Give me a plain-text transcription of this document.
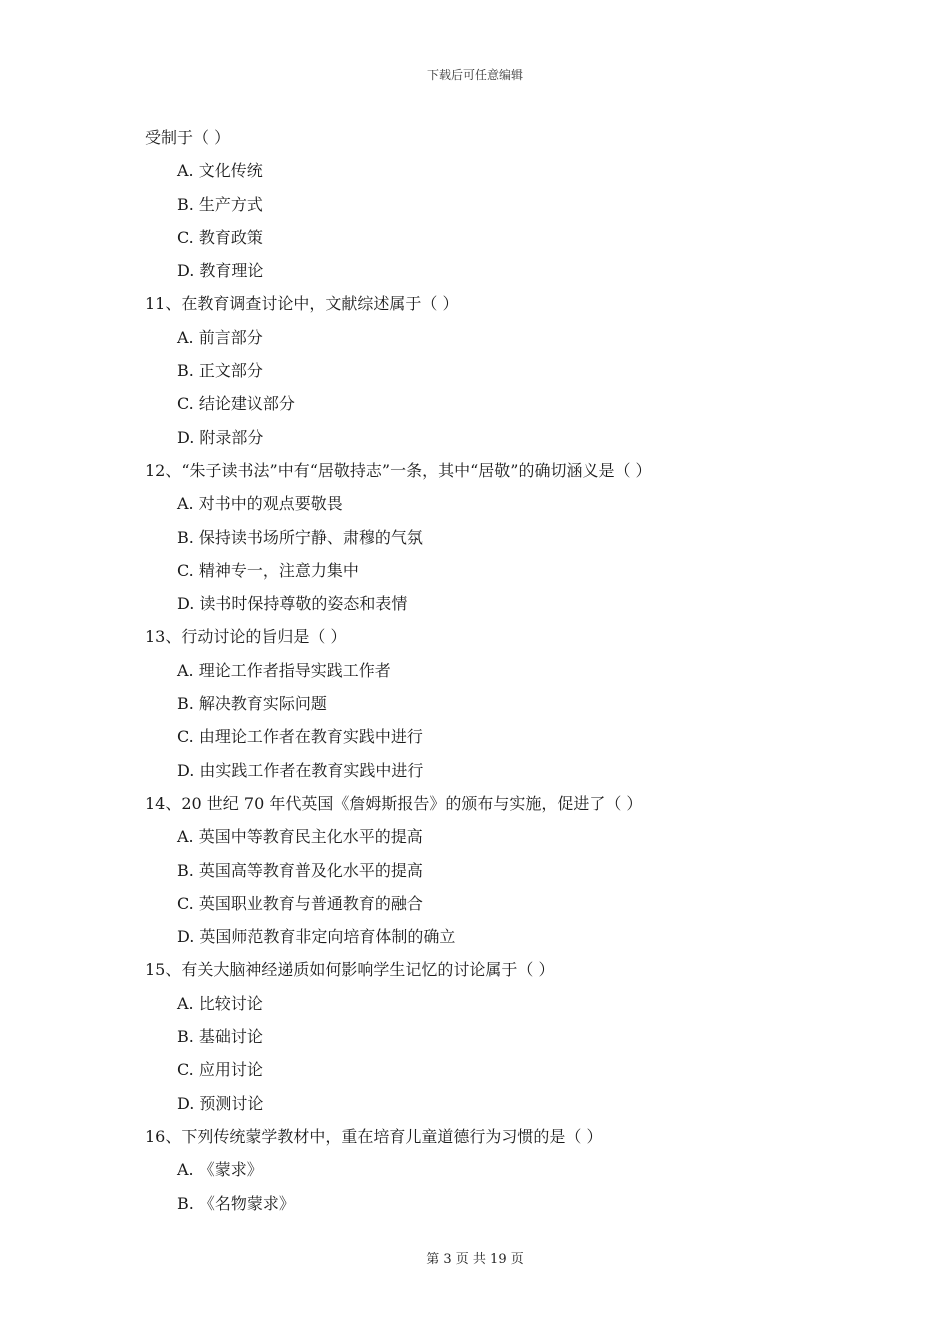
下载后可任意编辑
受制于（ ）
A. 文化传统
B. 生产方式
C. 教育政策
D. 教育理论
11、在教育调查讨论中，文献综述属于（ ）
A. 前言部分
B. 正文部分
C. 结论建议部分
D. 附录部分
12、“朱子读书法”中有“居敬持志”一条，其中“居敬”的确切涵义是（ ）
A. 对书中的观点要敬畏
B. 保持读书场所宁静、肃穆的气氛
C. 精神专一，注意力集中
D. 读书时保持尊敬的姿态和表情
13、行动讨论的旨归是（ ）
A. 理论工作者指导实践工作者
B. 解决教育实际问题
C. 由理论工作者在教育实践中进行
D. 由实践工作者在教育实践中进行
14、20 世纪 70 年代英国《詹姆斯报告》的颁布与实施，促进了（ ）
A. 英国中等教育民主化水平的提高
B. 英国高等教育普及化水平的提高
C. 英国职业教育与普通教育的融合
D. 英国师范教育非定向培育体制的确立
15、有关大脑神经递质如何影响学生记忆的讨论属于（ ）
A. 比较讨论
B. 基础讨论
C. 应用讨论
D. 预测讨论
16、下列传统蒙学教材中，重在培育儿童道德行为习惯的是（ ）
A. 《蒙求》
B. 《名物蒙求》
第 3 页 共 19 页
